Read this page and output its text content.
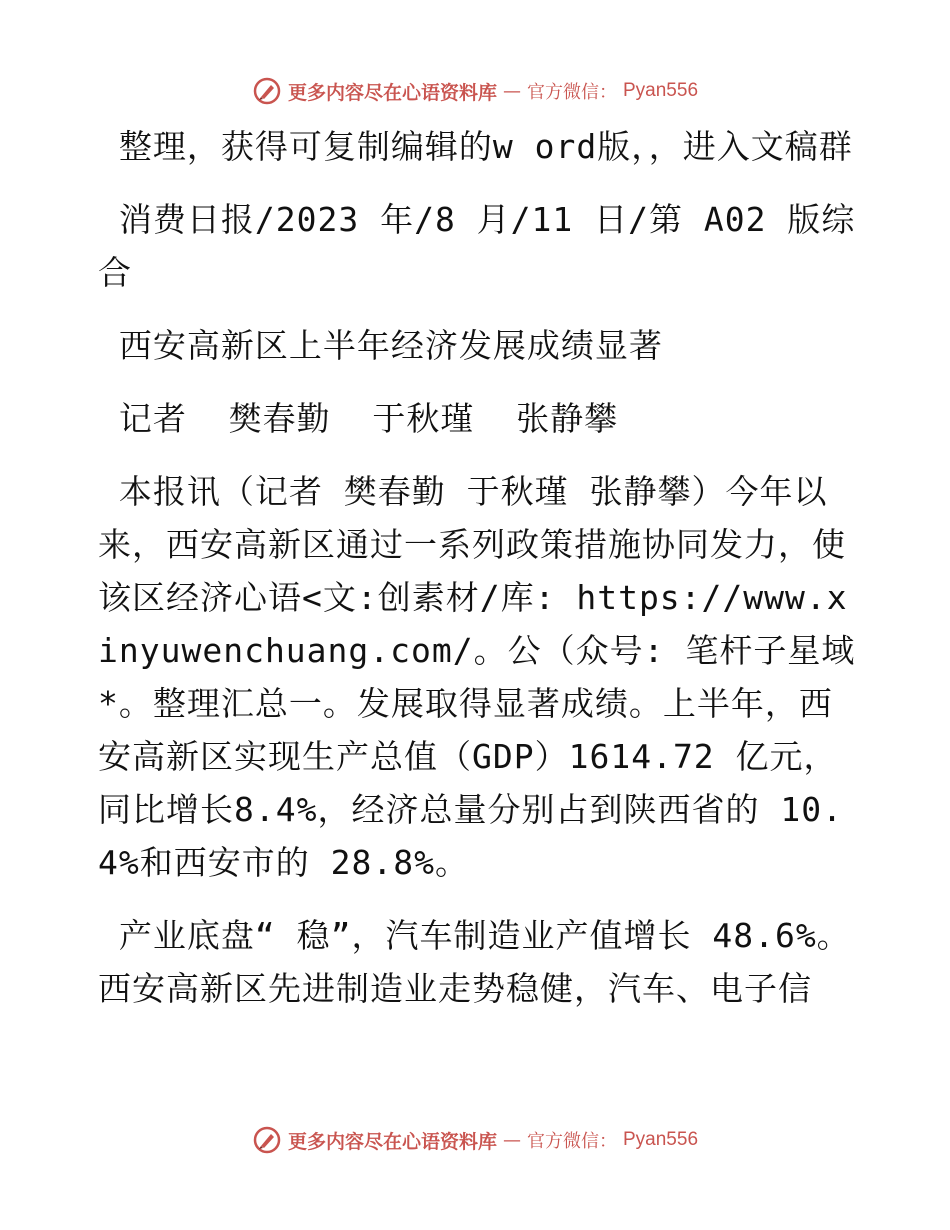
更多内容尽在心语资料库 — 官方微信： Pyan556

整理，获得可复制编辑的w ord版，，进入文稿群

消费日报/2023 年/8 月/11 日/第 A02 版综合

西安高新区上半年经济发展成绩显著

记者  樊春勤  于秋瑾  张静攀

本报讯（记者 樊春勤 于秋瑾 张静攀）今年以来，西安高新区通过一系列政策措施协同发力，使该区经济心语<文:创素材/库: https://www.xinyuwenchuang.com/。公（众号: 笔杆子星域*。整理汇总一。发展取得显著成绩。上半年，西安高新区实现生产总值（GDP）1614.72 亿元，同比增长8.4%，经济总量分别占到陕西省的 10.4%和西安市的 28.8%。

产业底盘“ 稳”，汽车制造业产值增长 48.6%。西安高新区先进制造业走势稳健，汽车、电子信

更多内容尽在心语资料库 — 官方微信： Pyan556
